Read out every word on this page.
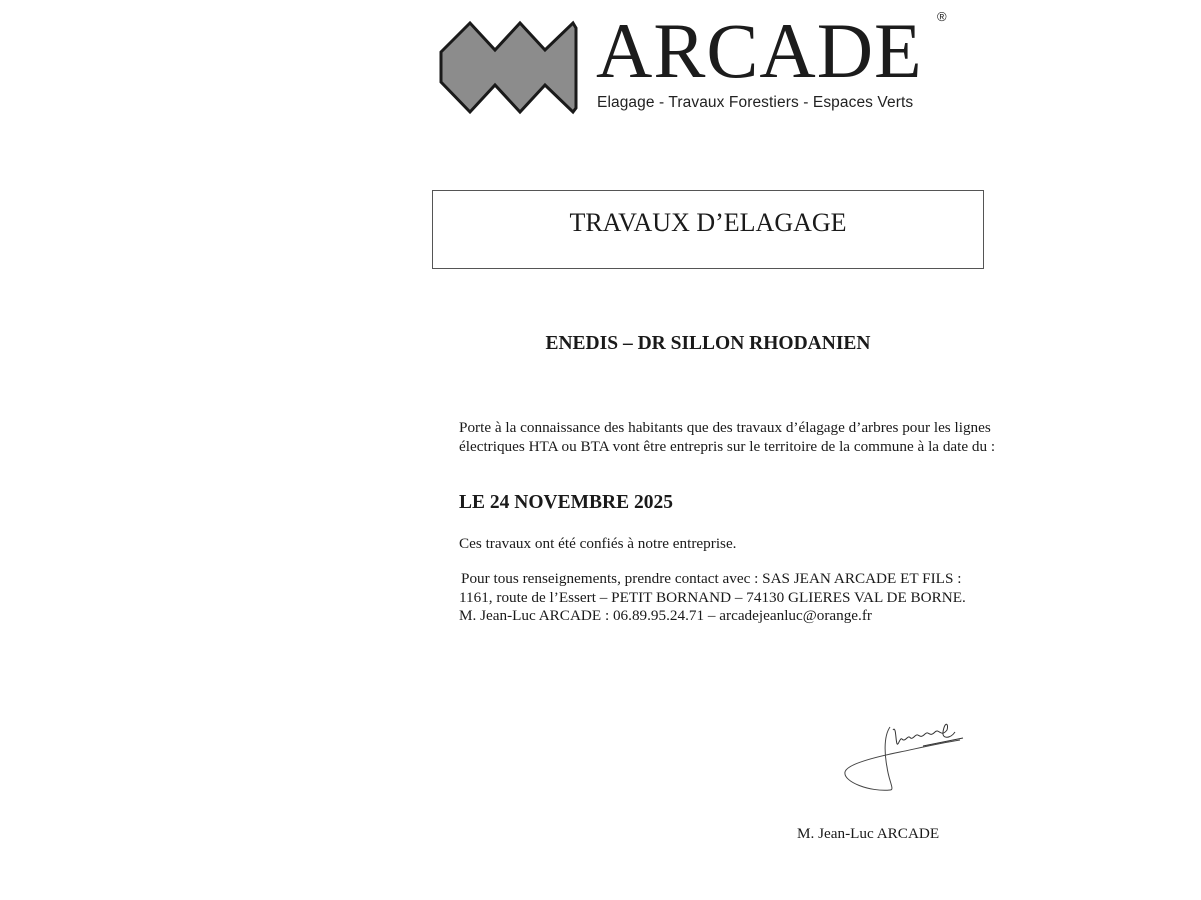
ARCADE ®
Elagage - Travaux Forestiers - Espaces Verts
TRAVAUX D’ELAGAGE
ENEDIS – DR SILLON RHODANIEN
Porte à la connaissance des habitants que des travaux d’élagage d’arbres pour les lignes électriques HTA ou BTA vont être entrepris sur le territoire de la commune à la date du :
LE 24 NOVEMBRE 2025
Ces travaux ont été confiés à notre entreprise.
Pour tous renseignements, prendre contact avec : SAS JEAN ARCADE ET FILS :
1161, route de l’Essert – PETIT BORNAND – 74130 GLIERES VAL DE BORNE.
M. Jean-Luc ARCADE : 06.89.95.24.71 – arcadejeanluc@orange.fr
M. Jean-Luc ARCADE
